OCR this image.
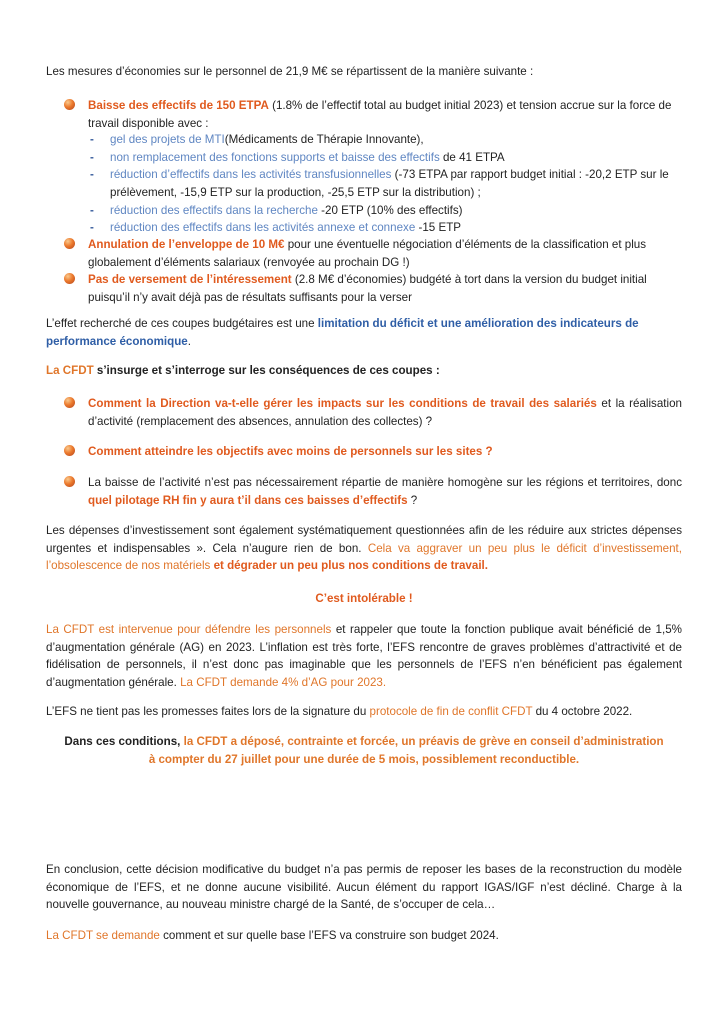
Les mesures d’économies sur le personnel de 21,9 M€ se répartissent de la manière suivante :

Baisse des effectifs de 150 ETPA (1.8% de l’effectif total au budget initial 2023) et tension accrue sur la force de travail disponible avec :
- gel des projets de MTI(Médicaments de Thérapie Innovante),
- non remplacement des fonctions supports et baisse des effectifs de 41 ETPA
- réduction d’effectifs dans les activités transfusionnelles (-73 ETPA par rapport budget initial : -20,2 ETP sur le prélèvement, -15,9 ETP sur la production, -25,5 ETP sur la distribution) ;
- réduction des effectifs dans la recherche -20 ETP (10% des effectifs)
- réduction des effectifs dans les activités annexe et connexe -15 ETP
Annulation de l’enveloppe de 10 M€ pour une éventuelle négociation d’éléments de la classification et plus globalement d’éléments salariaux (renvoyée au prochain DG !)
Pas de versement de l’intéressement (2.8 M€ d’économies) budgété à tort dans la version du budget initial puisqu’il n’y avait déjà pas de résultats suffisants pour la verser

L’effet recherché de ces coupes budgétaires est une limitation du déficit et une amélioration des indicateurs de performance économique.

La CFDT s’insurge et s’interroge sur les conséquences de ces coupes :

Comment la Direction va-t-elle gérer les impacts sur les conditions de travail des salariés et la réalisation d’activité (remplacement des absences, annulation des collectes) ?
Comment atteindre les objectifs avec moins de personnels sur les sites ?
La baisse de l’activité n’est pas nécessairement répartie de manière homogène sur les régions et territoires, donc quel pilotage RH fin y aura t’il dans ces baisses d’effectifs ?

Les dépenses d’investissement sont également systématiquement questionnées afin de les réduire aux strictes dépenses urgentes et indispensables ». Cela n’augure rien de bon. Cela va aggraver un peu plus le déficit d’investissement, l’obsolescence de nos matériels et dégrader un peu plus nos conditions de travail.

C’est intolérable !

La CFDT est intervenue pour défendre les personnels et rappeler que toute la fonction publique avait bénéficié de 1,5% d’augmentation générale (AG) en 2023. L’inflation est très forte, l’EFS rencontre de graves problèmes d’attractivité et de fidélisation de personnels, il n’est donc pas imaginable que les personnels de l’EFS n’en bénéficient pas également d’augmentation générale. La CFDT demande 4% d’AG pour 2023.

L’EFS ne tient pas les promesses faites lors de la signature du protocole de fin de conflit CFDT du 4 octobre 2022.

Dans ces conditions, la CFDT a déposé, contrainte et forcée, un préavis de grève en conseil d’administration
à compter du 27 juillet pour une durée de 5 mois, possiblement reconductible.

En conclusion, cette décision modificative du budget n’a pas permis de reposer les bases de la reconstruction du modèle économique de l’EFS, et ne donne aucune visibilité. Aucun élément du rapport IGAS/IGF n’est décliné. Charge à la nouvelle gouvernance, au nouveau ministre chargé de la Santé, de s’occuper de cela…

La CFDT se demande comment et sur quelle base l’EFS va construire son budget 2024.
